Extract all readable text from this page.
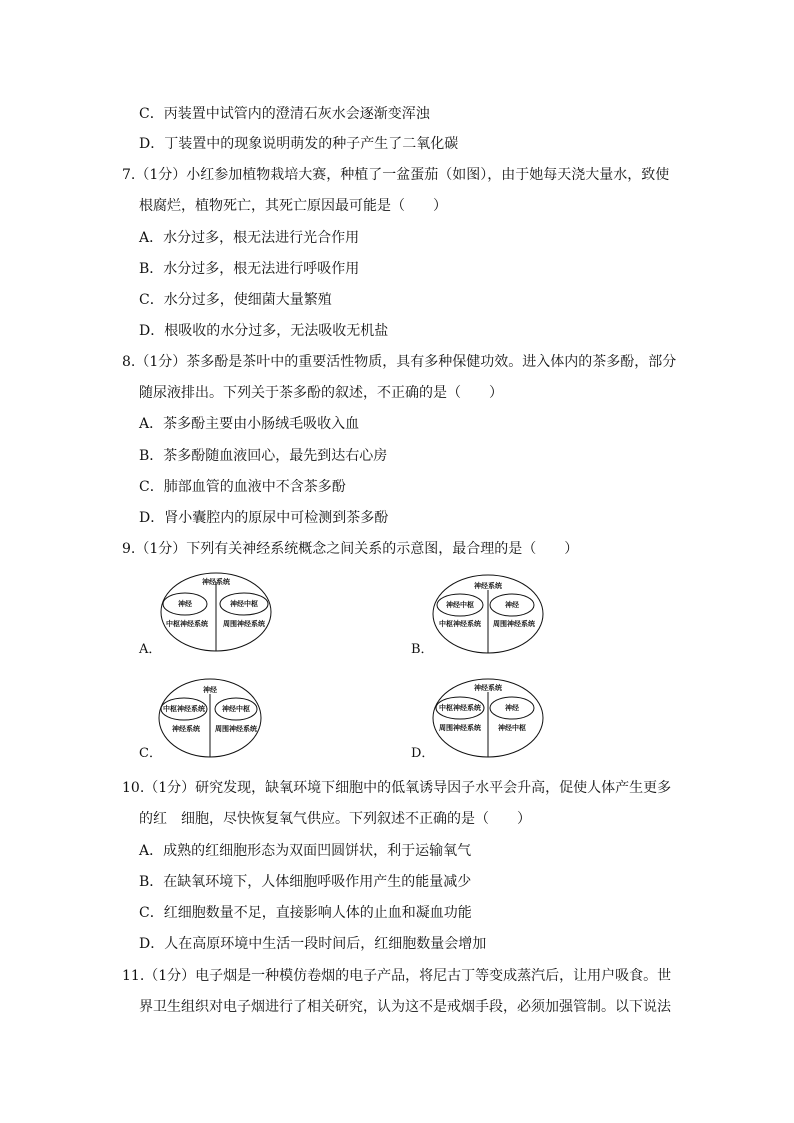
C．丙装置中试管内的澄清石灰水会逐渐变浑浊
D．丁装置中的现象说明萌发的种子产生了二氧化碳
7.（1分）小红参加植物栽培大赛，种植了一盆蛋茄（如图），由于她每天浇大量水，致使
根腐烂，植物死亡，其死亡原因最可能是（　　）
A．水分过多，根无法进行光合作用
B．水分过多，根无法进行呼吸作用
C．水分过多，使细菌大量繁殖
D．根吸收的水分过多，无法吸收无机盐
8.（1分）茶多酚是茶叶中的重要活性物质，具有多种保健功效。进入体内的茶多酚，部分
随尿液排出。下列关于茶多酚的叙述，不正确的是（　　）
A．茶多酚主要由小肠绒毛吸收入血
B．茶多酚随血液回心，最先到达右心房
C．肺部血管的血液中不含茶多酚
D．肾小囊腔内的原尿中可检测到茶多酚
9.（1分）下列有关神经系统概念之间关系的示意图，最合理的是（　　）
神经系统
神经	神经中枢
中枢神经系统 周围神经系统
A．
神经系统
神经中枢	神经
中枢神经系统 周围神经系统
B．
神经
中枢神经系统 神经中枢
神经系统 周围神经系统
C．
神经系统
中枢神经系统	神经
周围神经系统 神经中枢
D．
10.（1分）研究发现，缺氧环境下细胞中的低氧诱导因子水平会升高，促使人体产生更多
的红　细胞，尽快恢复氧气供应。下列叙述不正确的是（　　）
A．成熟的红细胞形态为双面凹圆饼状，利于运输氧气
B．在缺氧环境下，人体细胞呼吸作用产生的能量减少
C．红细胞数量不足，直接影响人体的止血和凝血功能
D．人在高原环境中生活一段时间后，红细胞数量会增加
11.（1分）电子烟是一种模仿卷烟的电子产品，将尼古丁等变成蒸汽后，让用户吸食。世
界卫生组织对电子烟进行了相关研究，认为这不是戒烟手段，必须加强管制。以下说法
